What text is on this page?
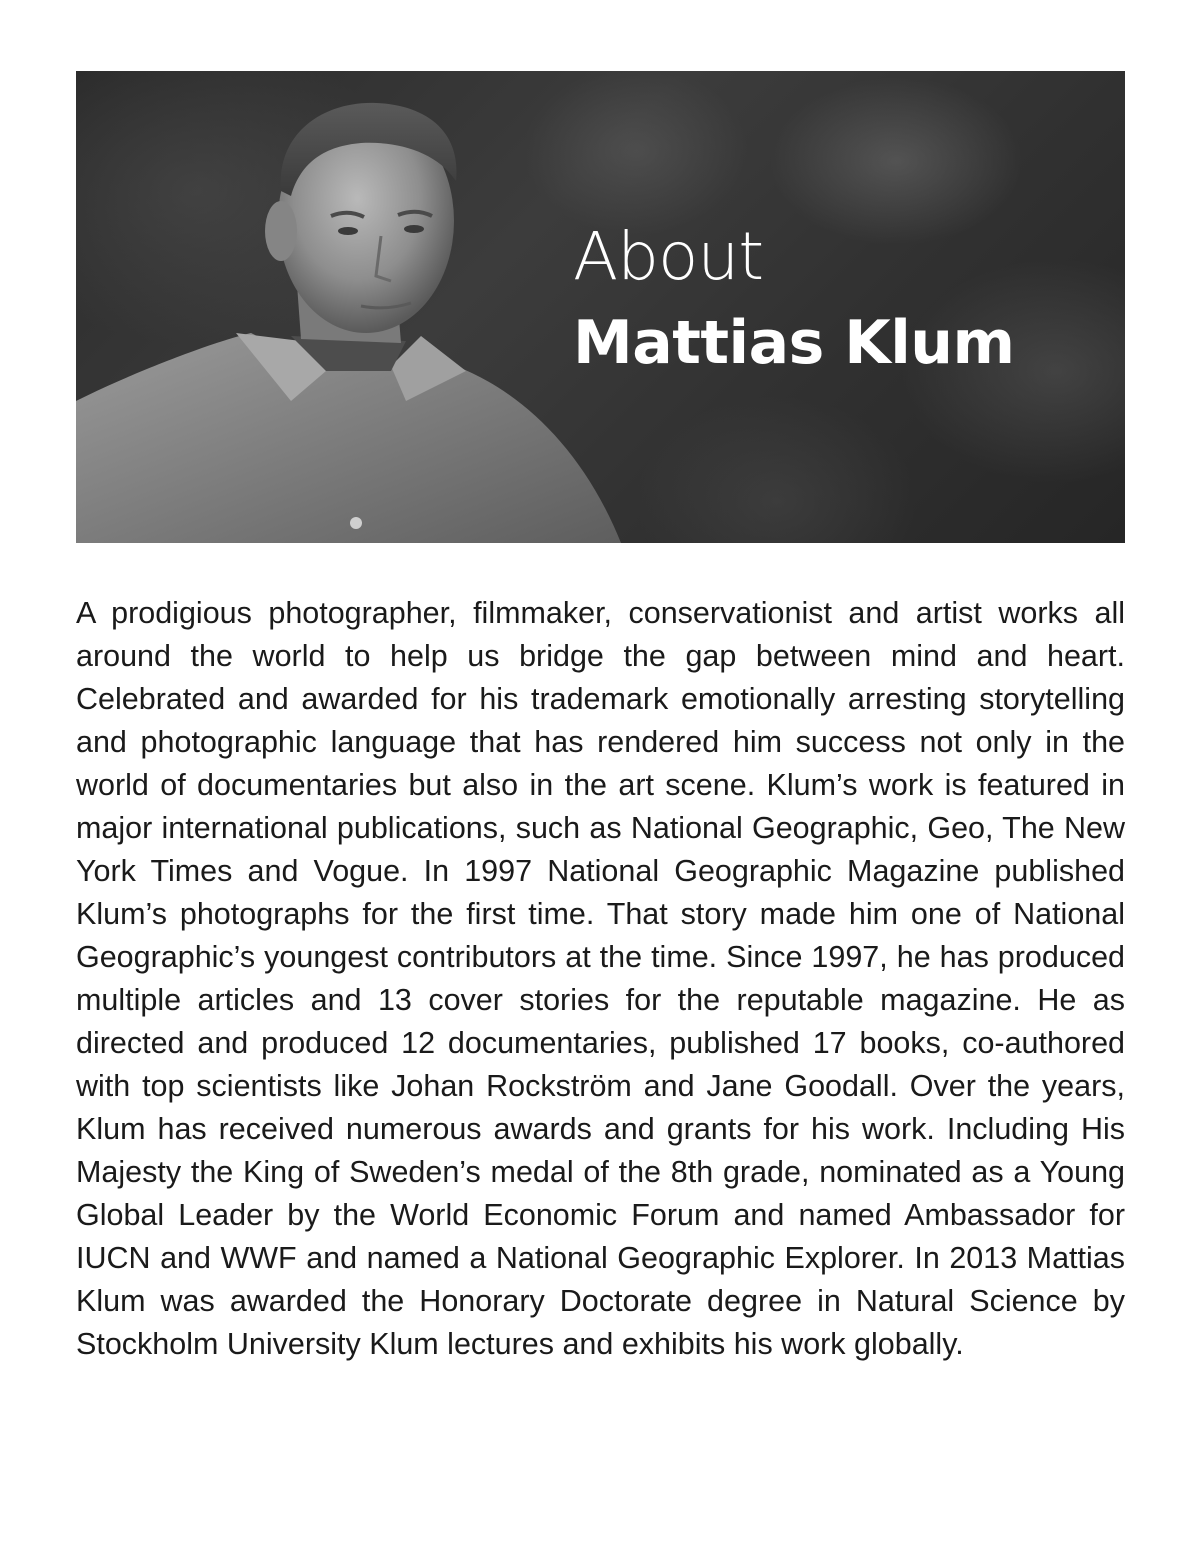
About
Mattias Klum

A prodigious photographer, filmmaker, conservationist and artist works all around the world to help us bridge the gap between mind and heart. Celebrated and awarded for his trademark emotionally arresting storytelling and photographic language that has rendered him success not only in the world of documentaries but also in the art scene. Klum’s work is featured in major international publications, such as National Geographic, Geo, The New York Times and Vogue. In 1997 National Geographic Magazine published Klum’s photographs for the first time. That story made him one of National Geographic’s youngest contributors at the time. Since 1997, he has produced multiple articles and 13 cover stories for the reputable magazine. He as directed and produced 12 documentaries, published 17 books, co-authored with top scientists like Johan Rockström and Jane Goodall. Over the years, Klum has received numerous awards and grants for his work. Including His Majesty the King of Sweden’s medal of the 8th grade, nominated as a Young Global Leader by the World Economic Forum and named Ambassador for IUCN and WWF and named a National Geographic Explorer. In 2013 Mattias Klum was awarded the Honorary Doctorate degree in Natural Science by Stockholm University Klum lectures and exhibits his work globally.
